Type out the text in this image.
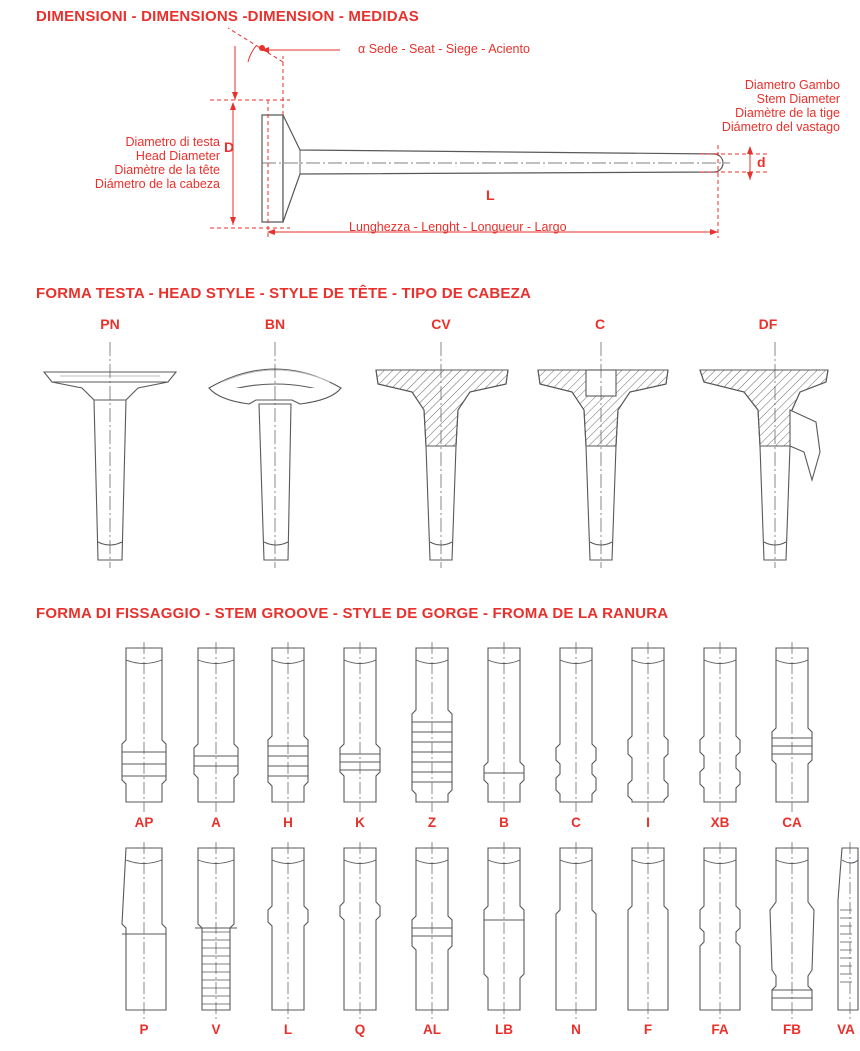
DIMENSIONI - DIMENSIONS -DIMENSION - MEDIDAS
α Sede - Seat - Siege - Aciento
Diametro Gambo
Stem Diameter
Diamètre de la tige
Diámetro del vastago
Diametro di testa
Head Diameter
Diamètre de la tête
Diámetro de la cabeza
D
d
L
Lunghezza - Lenght - Longueur - Largo
FORMA TESTA - HEAD STYLE - STYLE DE TÊTE - TIPO DE CABEZA
PN	BN	CV	C	DF
FORMA DI FISSAGGIO - STEM GROOVE - STYLE DE GORGE - FROMA DE LA RANURA
AP	A	H	K	Z	B	C	I	XB	CA
P	V	L	Q	AL	LB	N	F	FA	FB	VA
